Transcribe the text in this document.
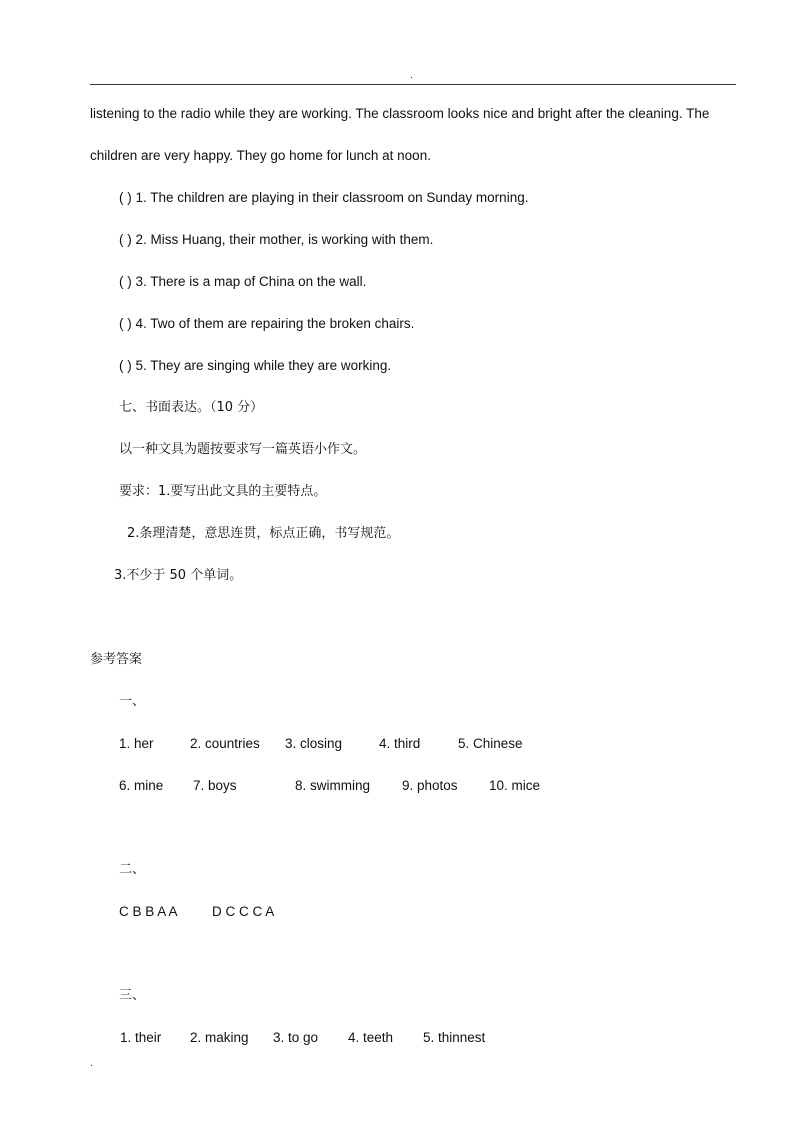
.
listening to the radio while they are working. The classroom looks nice and bright after the cleaning. The
children are very happy. They go home for lunch at noon.
( ) 1. The children are playing in their classroom on Sunday morning.
( ) 2. Miss Huang, their mother, is working with them.
( ) 3. There is a map of China on the wall.
( ) 4. Two of them are repairing the broken chairs.
( ) 5. They are singing while they are working.
七、书面表达。（10 分）
以一种文具为题按要求写一篇英语小作文。
要求：1.要写出此文具的主要特点。
2.条理清楚，意思连贯，标点正确，书写规范。
3.不少于 50 个单词。
参考答案
一、
1. her	2. countries 3. closing	4. third	5. Chinese
6. mine 7. boys	8. swimming 9. photos 10. mice
二、
C B B A A	D C C C A
三、
1. their 2. making 3. to go 4. teeth 5. thinnest
.
